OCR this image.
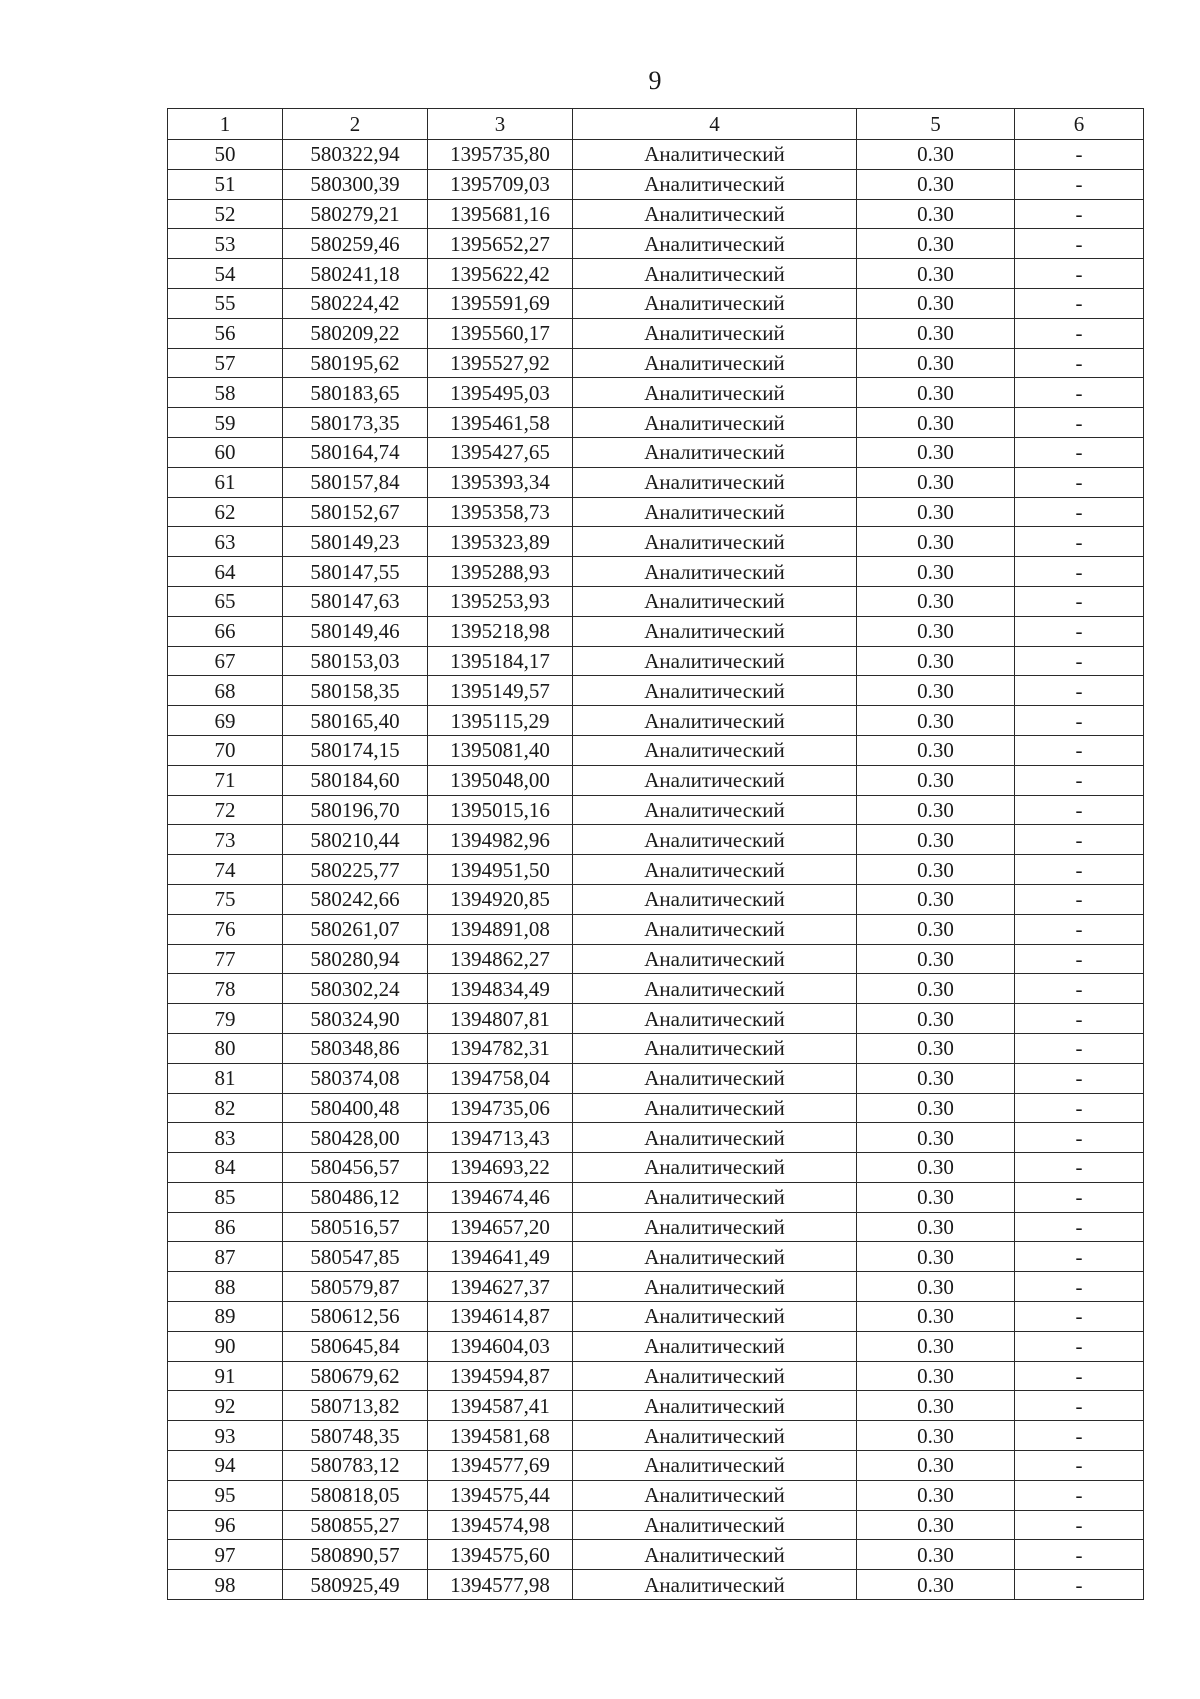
9
1	2	3	4	5	6
50	580322,94	1395735,80	Аналитический	0.30	-
51	580300,39	1395709,03	Аналитический	0.30	-
52	580279,21	1395681,16	Аналитический	0.30	-
53	580259,46	1395652,27	Аналитический	0.30	-
54	580241,18	1395622,42	Аналитический	0.30	-
55	580224,42	1395591,69	Аналитический	0.30	-
56	580209,22	1395560,17	Аналитический	0.30	-
57	580195,62	1395527,92	Аналитический	0.30	-
58	580183,65	1395495,03	Аналитический	0.30	-
59	580173,35	1395461,58	Аналитический	0.30	-
60	580164,74	1395427,65	Аналитический	0.30	-
61	580157,84	1395393,34	Аналитический	0.30	-
62	580152,67	1395358,73	Аналитический	0.30	-
63	580149,23	1395323,89	Аналитический	0.30	-
64	580147,55	1395288,93	Аналитический	0.30	-
65	580147,63	1395253,93	Аналитический	0.30	-
66	580149,46	1395218,98	Аналитический	0.30	-
67	580153,03	1395184,17	Аналитический	0.30	-
68	580158,35	1395149,57	Аналитический	0.30	-
69	580165,40	1395115,29	Аналитический	0.30	-
70	580174,15	1395081,40	Аналитический	0.30	-
71	580184,60	1395048,00	Аналитический	0.30	-
72	580196,70	1395015,16	Аналитический	0.30	-
73	580210,44	1394982,96	Аналитический	0.30	-
74	580225,77	1394951,50	Аналитический	0.30	-
75	580242,66	1394920,85	Аналитический	0.30	-
76	580261,07	1394891,08	Аналитический	0.30	-
77	580280,94	1394862,27	Аналитический	0.30	-
78	580302,24	1394834,49	Аналитический	0.30	-
79	580324,90	1394807,81	Аналитический	0.30	-
80	580348,86	1394782,31	Аналитический	0.30	-
81	580374,08	1394758,04	Аналитический	0.30	-
82	580400,48	1394735,06	Аналитический	0.30	-
83	580428,00	1394713,43	Аналитический	0.30	-
84	580456,57	1394693,22	Аналитический	0.30	-
85	580486,12	1394674,46	Аналитический	0.30	-
86	580516,57	1394657,20	Аналитический	0.30	-
87	580547,85	1394641,49	Аналитический	0.30	-
88	580579,87	1394627,37	Аналитический	0.30	-
89	580612,56	1394614,87	Аналитический	0.30	-
90	580645,84	1394604,03	Аналитический	0.30	-
91	580679,62	1394594,87	Аналитический	0.30	-
92	580713,82	1394587,41	Аналитический	0.30	-
93	580748,35	1394581,68	Аналитический	0.30	-
94	580783,12	1394577,69	Аналитический	0.30	-
95	580818,05	1394575,44	Аналитический	0.30	-
96	580855,27	1394574,98	Аналитический	0.30	-
97	580890,57	1394575,60	Аналитический	0.30	-
98	580925,49	1394577,98	Аналитический	0.30	-
